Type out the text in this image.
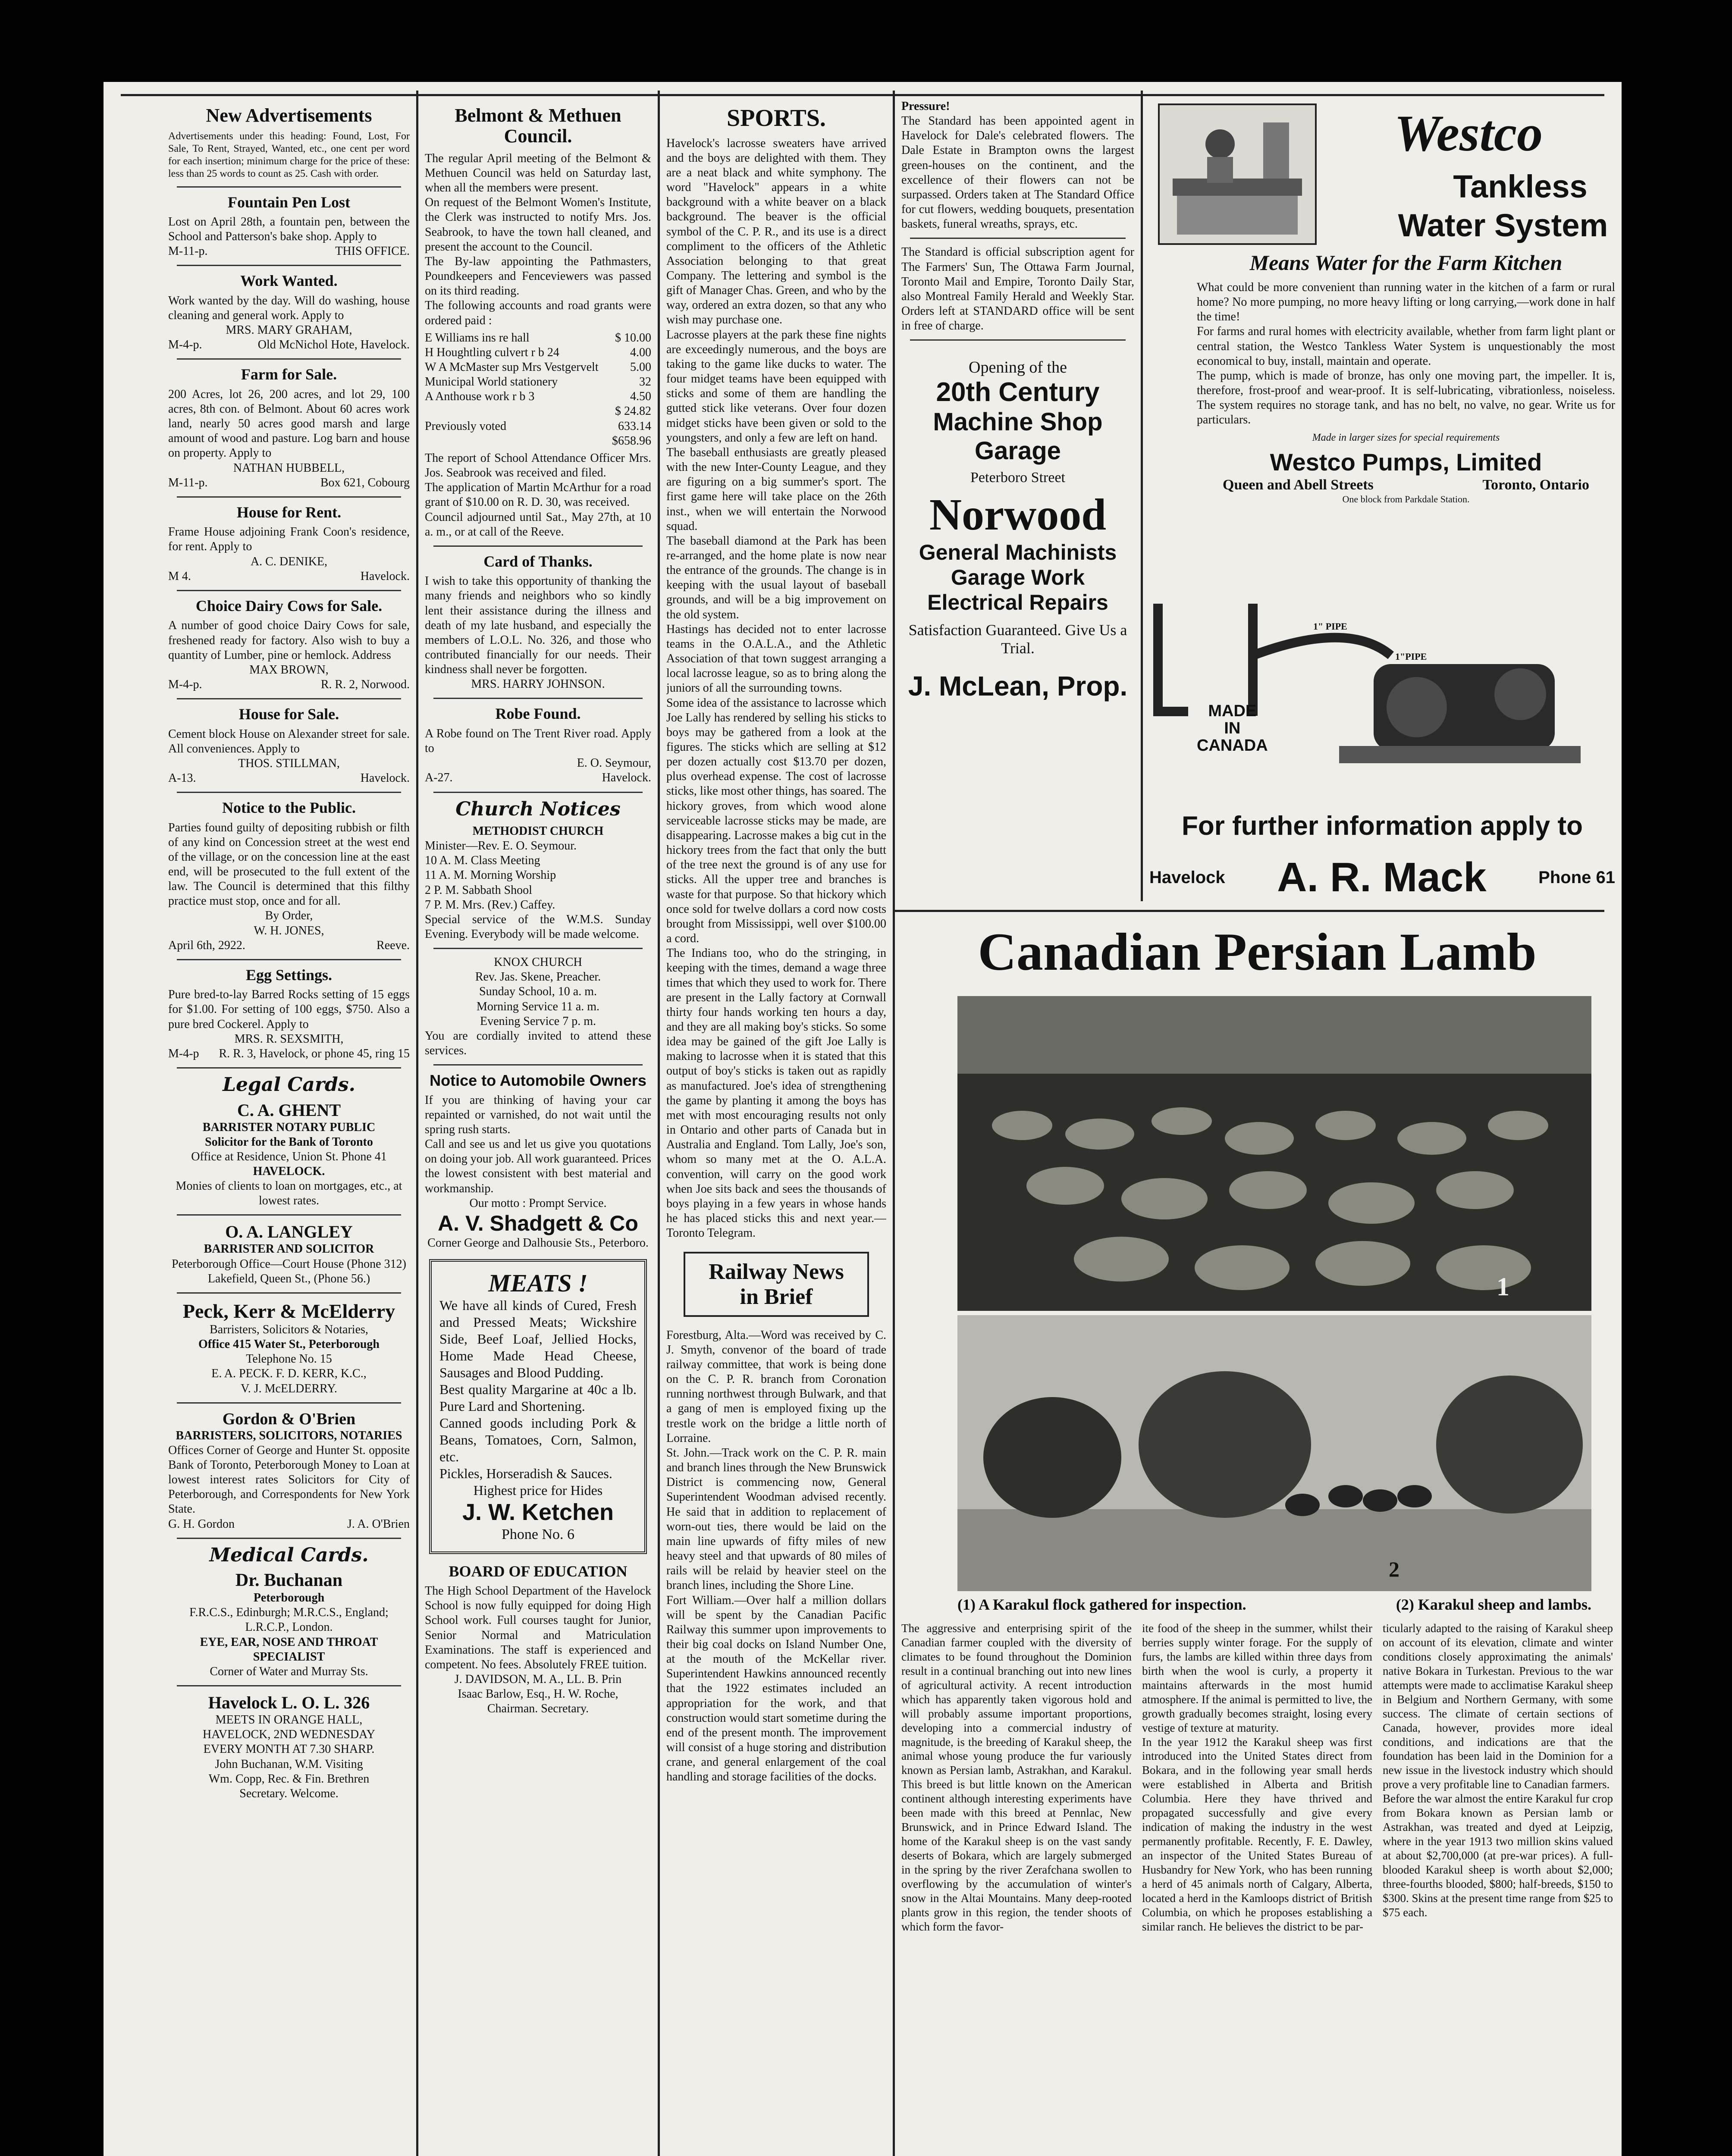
New Advertisements
Advertisements under this heading: Found, Lost, For Sale, To Rent, Strayed, Wanted, etc., one cent per word for each insertion; minimum charge for the price of these: less than 25 words to count as 25. Cash with order.
Fountain Pen Lost
Lost on April 28th, a fountain pen, between the School and Patterson's bake shop. Apply to
M-11-p.	THIS OFFICE.
Work Wanted.
Work wanted by the day. Will do washing, house cleaning and general work. Apply to
MRS. MARY GRAHAM,
M-4-p.	Old McNichol Hote, Havelock.
Farm for Sale.
200 Acres, lot 26, 200 acres, and lot 29, 100 acres, 8th con. of Belmont. About 60 acres work land, nearly 50 acres good marsh and large amount of wood and pasture. Log barn and house on property. Apply to
NATHAN HUBBELL,
M-11-p.	Box 621, Cobourg
House for Rent.
Frame House adjoining Frank Coon's residence, for rent. Apply to
A. C. DENIKE,
M 4.	Havelock.
Choice Dairy Cows for Sale.
A number of good choice Dairy Cows for sale, freshened ready for factory. Also wish to buy a quantity of Lumber, pine or hemlock. Address
MAX BROWN,
M-4-p.	R. R. 2, Norwood.
House for Sale.
Cement block House on Alexander street for sale. All conveniences. Apply to
THOS. STILLMAN,
A-13.	Havelock.
Notice to the Public.
Parties found guilty of depositing rubbish or filth of any kind on Concession street at the west end of the village, or on the concession line at the east end, will be prosecuted to the full extent of the law. The Council is determined that this filthy practice must stop, once and for all.
By Order,
W. H. JONES,
April 6th, 2922.	Reeve.
Egg Settings.
Pure bred-to-lay Barred Rocks setting of 15 eggs for $1.00. For setting of 100 eggs, $750. Also a pure bred Cockerel. Apply to
MRS. R. SEXSMITH,
M-4-p R. R. 3, Havelock, or phone 45, ring 15
Legal Cards.
C. A. GHENT
BARRISTER NOTARY PUBLIC
Solicitor for the Bank of Toronto
Office at Residence, Union St. Phone 41
HAVELOCK.
Monies of clients to loan on mortgages, etc., at lowest rates.
O. A. LANGLEY
BARRISTER AND SOLICITOR
Peterborough Office—Court House (Phone 312)
Lakefield, Queen St., (Phone 56.)
Peck, Kerr & McElderry
Barristers, Solicitors & Notaries,
Office 415 Water St., Peterborough
Telephone No. 15
E. A. PECK. F. D. KERR, K.C.,
V. J. McELDERRY.
Gordon & O'Brien
BARRISTERS, SOLICITORS, NOTARIES
Offices Corner of George and Hunter St. opposite Bank of Toronto, Peterborough Money to Loan at lowest interest rates Solicitors for City of Peterborough, and Correspondents for New York State.
G. H. Gordon	J. A. O'Brien
Medical Cards.
Dr. Buchanan
Peterborough
F.R.C.S., Edinburgh; M.R.C.S., England; L.R.C.P., London.
EYE, EAR, NOSE AND THROAT SPECIALIST
Corner of Water and Murray Sts.
Havelock L. O. L. 326
MEETS IN ORANGE HALL,
HAVELOCK, 2ND WEDNESDAY
EVERY MONTH AT 7.30 SHARP.
John Buchanan, W.M. Visiting
Wm. Copp, Rec. & Fin. Brethren
Secretary. Welcome.
Belmont & Methuen Council.
The regular April meeting of the Belmont & Methuen Council was held on Saturday last, when all the members were present.
On request of the Belmont Women's Institute, the Clerk was instructed to notify Mrs. Jos. Seabrook, to have the town hall cleaned, and present the account to the Council.
The By-law appointing the Pathmasters, Poundkeepers and Fenceviewers was passed on its third reading.
The following accounts and road grants were ordered paid :
E Williams ins re hall	$ 10.00
H Houghtling culvert r b 24	4.00
W A McMaster sup Mrs Vestgervelt	5.00
Municipal World stationery	32
A Anthouse work r b 3	4.50
$ 24.82
Previously voted	633.14
$658.96
The report of School Attendance Officer Mrs. Jos. Seabrook was received and filed.
The application of Martin McArthur for a road grant of $10.00 on R. D. 30, was received.
Council adjourned until Sat., May 27th, at 10 a. m., or at call of the Reeve.
Card of Thanks.
I wish to take this opportunity of thanking the many friends and neighbors who so kindly lent their assistance during the illness and death of my late husband, and especially the members of L.O.L. No. 326, and those who contributed financially for our needs. Their kindness shall never be forgotten.
MRS. HARRY JOHNSON.
Robe Found.
A Robe found on The Trent River road. Apply to
E. O. Seymour,
A-27.	Havelock.
Church Notices
METHODIST CHURCH
Minister—Rev. E. O. Seymour.
10 A. M. Class Meeting
11 A. M. Morning Worship
2 P. M. Sabbath Shool
7 P. M. Mrs. (Rev.) Caffey.
Special service of the W.M.S. Sunday Evening. Everybody will be made welcome.
KNOX CHURCH
Rev. Jas. Skene, Preacher.
Sunday School, 10 a. m.
Morning Service 11 a. m.
Evening Service 7 p. m.
You are cordially invited to attend these services.
Notice to Automobile Owners
If you are thinking of having your car repainted or varnished, do not wait until the spring rush starts.
Call and see us and let us give you quotations on doing your job. All work guaranteed. Prices the lowest consistent with best material and workmanship.
Our motto : Prompt Service.
A. V. Shadgett & Co
Corner George and Dalhousie Sts., Peterboro.
MEATS !
We have all kinds of Cured, Fresh and Pressed Meats; Wickshire Side, Beef Loaf, Jellied Hocks, Home Made Head Cheese, Sausages and Blood Pudding.
Best quality Margarine at 40c a lb. Pure Lard and Shortening.
Canned goods including Pork & Beans, Tomatoes, Corn, Salmon, etc.
Pickles, Horseradish & Sauces.
Highest price for Hides
J. W. Ketchen
Phone No. 6
BOARD OF EDUCATION
The High School Department of the Havelock School is now fully equipped for doing High School work. Full courses taught for Junior, Senior Normal and Matriculation Examinations. The staff is experienced and competent. No fees. Absolutely FREE tuition.
J. DAVIDSON, M. A., LL. B. Prin
Isaac Barlow, Esq., H. W. Roche,
Chairman. Secretary.
SPORTS.
Havelock's lacrosse sweaters have arrived and the boys are delighted with them. They are a neat black and white symphony. The word "Havelock" appears in a white background with a white beaver on a black background. The beaver is the official symbol of the C. P. R., and its use is a direct compliment to the officers of the Athletic Association belonging to that great Company. The lettering and symbol is the gift of Manager Chas. Green, and who by the way, ordered an extra dozen, so that any who wish may purchase one.
Lacrosse players at the park these fine nights are exceedingly numerous, and the boys are taking to the game like ducks to water. The four midget teams have been equipped with sticks and some of them are handling the gutted stick like veterans. Over four dozen midget sticks have been given or sold to the youngsters, and only a few are left on hand.
The baseball enthusiasts are greatly pleased with the new Inter-County League, and they are figuring on a big summer's sport. The first game here will take place on the 26th inst., when we will entertain the Norwood squad.
The baseball diamond at the Park has been re-arranged, and the home plate is now near the entrance of the grounds. The change is in keeping with the usual layout of baseball grounds, and will be a big improvement on the old system.
Hastings has decided not to enter lacrosse teams in the O.A.L.A., and the Athletic Association of that town suggest arranging a local lacrosse league, so as to bring along the juniors of all the surrounding towns.
Some idea of the assistance to lacrosse which Joe Lally has rendered by selling his sticks to boys may be gathered from a look at the figures. The sticks which are selling at $12 per dozen actually cost $13.70 per dozen, plus overhead expense. The cost of lacrosse sticks, like most other things, has soared. The hickory groves, from which wood alone serviceable lacrosse sticks may be made, are disappearing. Lacrosse makes a big cut in the hickory trees from the fact that only the butt of the tree next the ground is of any use for sticks. All the upper tree and branches is waste for that purpose. So that hickory which once sold for twelve dollars a cord now costs brought from Mississippi, well over $100.00 a cord.
The Indians too, who do the stringing, in keeping with the times, demand a wage three times that which they used to work for. There are present in the Lally factory at Cornwall thirty four hands working ten hours a day, and they are all making boy's sticks. So some idea may be gained of the gift Joe Lally is making to lacrosse when it is stated that this output of boy's sticks is taken out as rapidly as manufactured. Joe's idea of strengthening the game by planting it among the boys has met with most encouraging results not only in Ontario and other parts of Canada but in Australia and England. Tom Lally, Joe's son, whom so many met at the O. A.L.A. convention, will carry on the good work when Joe sits back and sees the thousands of boys playing in a few years in whose hands he has placed sticks this and next year.—Toronto Telegram.
Railway News
in Brief
Forestburg, Alta.—Word was received by C. J. Smyth, convenor of the board of trade railway committee, that work is being done on the C. P. R. branch from Coronation running northwest through Bulwark, and that a gang of men is employed fixing up the trestle work on the bridge a little north of Lorraine.
St. John.—Track work on the C. P. R. main and branch lines through the New Brunswick District is commencing now, General Superintendent Woodman advised recently. He said that in addition to replacement of worn-out ties, there would be laid on the main line upwards of fifty miles of new heavy steel and that upwards of 80 miles of rails will be relaid by heavier steel on the branch lines, including the Shore Line.
Fort William.—Over half a million dollars will be spent by the Canadian Pacific Railway this summer upon improvements to their big coal docks on Island Number One, at the mouth of the McKellar river. Superintendent Hawkins announced recently that the 1922 estimates included an appropriation for the work, and that construction would start sometime during the end of the present month. The improvement will consist of a huge storing and distribution crane, and general enlargement of the coal handling and storage facilities of the docks.
Pressure!
The Standard has been appointed agent in Havelock for Dale's celebrated flowers. The Dale Estate in Brampton owns the largest green-houses on the continent, and the excellence of their flowers can not be surpassed. Orders taken at The Standard Office for cut flowers, wedding bouquets, presentation baskets, funeral wreaths, sprays, etc.
The Standard is official subscription agent for The Farmers' Sun, The Ottawa Farm Journal, Toronto Mail and Empire, Toronto Daily Star, also Montreal Family Herald and Weekly Star. Orders left at STANDARD office will be sent in free of charge.
Opening of the
20th Century
Machine Shop
Garage
Peterboro Street
Norwood
General Machinists
Garage Work
Electrical Repairs
Satisfaction Guaranteed. Give Us a Trial.
J. McLean, Prop.
Westco
Tankless
Water System
Means Water for the Farm Kitchen
What could be more convenient than running water in the kitchen of a farm or rural home? No more pumping, no more heavy lifting or long carrying,—work done in half the time!
For farms and rural homes with electricity available, whether from farm light plant or central station, the Westco Tankless Water System is unquestionably the most economical to buy, install, maintain and operate.
The pump, which is made of bronze, has only one moving part, the impeller. It is, therefore, frost-proof and wear-proof. It is self-lubricating, vibrationless, noiseless. The system requires no storage tank, and has no belt, no valve, no gear. Write us for particulars.
Made in larger sizes for special requirements
Westco Pumps, Limited
Queen and Abell Streets	Toronto, Ontario
One block from Parkdale Station.
MADE
IN
CANADA
1" PIPE
1"PIPE
For further information apply to
Havelock A. R. Mack	Phone 61
Canadian Persian Lamb
1
2
(1) A Karakul flock gathered for inspection.	(2) Karakul sheep and lambs.
The aggressive and enterprising spirit of the Canadian farmer coupled with the diversity of climates to be found throughout the Dominion result in a continual branching out into new lines of agricultural activity. A recent introduction which has apparently taken vigorous hold and will probably assume important proportions, developing into a commercial industry of magnitude, is the breeding of Karakul sheep, the animal whose young produce the fur variously known as Persian lamb, Astrakhan, and Karakul. This breed is but little known on the American continent although interesting experiments have been made with this breed at Pennlac, New Brunswick, and in Prince Edward Island. The home of the Karakul sheep is on the vast sandy deserts of Bokara, which are largely submerged in the spring by the river Zerafchana swollen to overflowing by the accumulation of winter's snow in the Altai Mountains. Many deep-rooted plants grow in this region, the tender shoots of which form the favor-
ite food of the sheep in the summer, whilst their berries supply winter forage. For the supply of furs, the lambs are killed within three days from birth when the wool is curly, a property it maintains afterwards in the most humid atmosphere. If the animal is permitted to live, the growth gradually becomes straight, losing every vestige of texture at maturity.
In the year 1912 the Karakul sheep was first introduced into the United States direct from Bokara, and in the following year small herds were established in Alberta and British Columbia. Here they have thrived and propagated successfully and give every indication of making the industry in the west permanently profitable. Recently, F. E. Dawley, an inspector of the United States Bureau of Husbandry for New York, who has been running a herd of 45 animals north of Calgary, Alberta, located a herd in the Kamloops district of British Columbia, on which he proposes establishing a similar ranch. He believes the district to be par-
ticularly adapted to the raising of Karakul sheep on account of its elevation, climate and winter conditions closely approximating the animals' native Bokara in Turkestan. Previous to the war attempts were made to acclimatise Karakul sheep in Belgium and Northern Germany, with some success. The climate of certain sections of Canada, however, provides more ideal conditions, and indications are that the foundation has been laid in the Dominion for a new issue in the livestock industry which should prove a very profitable line to Canadian farmers.
Before the war almost the entire Karakul fur crop from Bokara known as Persian lamb or Astrakhan, was treated and dyed at Leipzig, where in the year 1913 two million skins valued at about $2,700,000 (at pre-war prices). A full-blooded Karakul sheep is worth about $2,000; three-fourths blooded, $800; half-breeds, $150 to $300. Skins at the present time range from $25 to $75 each.
